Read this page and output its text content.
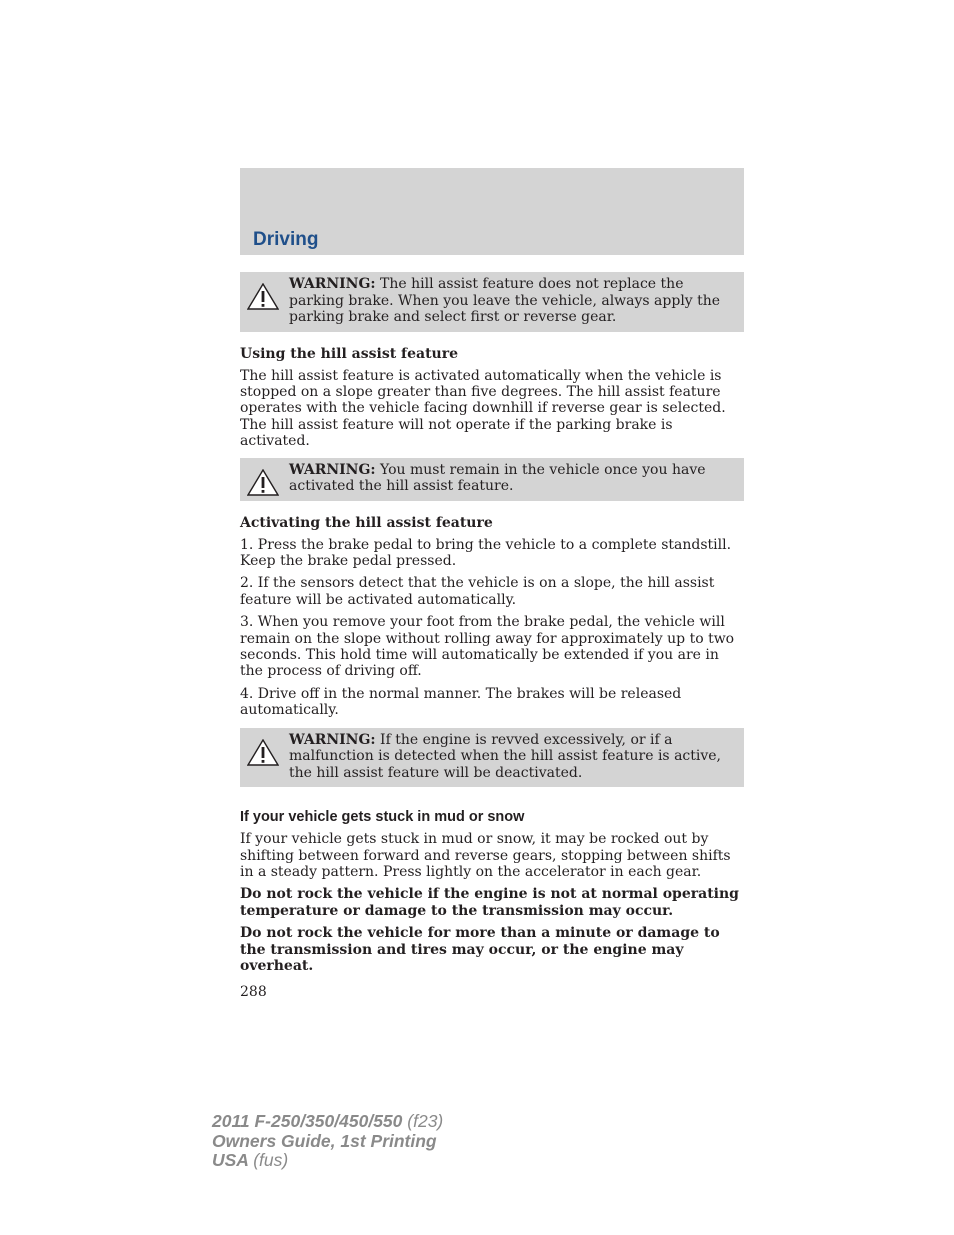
Driving
WARNING: The hill assist feature does not replace the parking brake. When you leave the vehicle, always apply the parking brake and select first or reverse gear.
Using the hill assist feature

The hill assist feature is activated automatically when the vehicle is stopped on a slope greater than five degrees. The hill assist feature operates with the vehicle facing downhill if reverse gear is selected. The hill assist feature will not operate if the parking brake is activated.

WARNING: You must remain in the vehicle once you have activated the hill assist feature.
Activating the hill assist feature

1. Press the brake pedal to bring the vehicle to a complete standstill. Keep the brake pedal pressed.

2. If the sensors detect that the vehicle is on a slope, the hill assist feature will be activated automatically.

3. When you remove your foot from the brake pedal, the vehicle will remain on the slope without rolling away for approximately up to two seconds. This hold time will automatically be extended if you are in the process of driving off.

4. Drive off in the normal manner. The brakes will be released automatically.

WARNING: If the engine is revved excessively, or if a malfunction is detected when the hill assist feature is active, the hill assist feature will be deactivated.
If your vehicle gets stuck in mud or snow

If your vehicle gets stuck in mud or snow, it may be rocked out by shifting between forward and reverse gears, stopping between shifts in a steady pattern. Press lightly on the accelerator in each gear.

Do not rock the vehicle if the engine is not at normal operating temperature or damage to the transmission may occur.

Do not rock the vehicle for more than a minute or damage to the transmission and tires may occur, or the engine may overheat.

288
2011 F-250/350/450/550 (f23)
Owners Guide, 1st Printing
USA (fus)
